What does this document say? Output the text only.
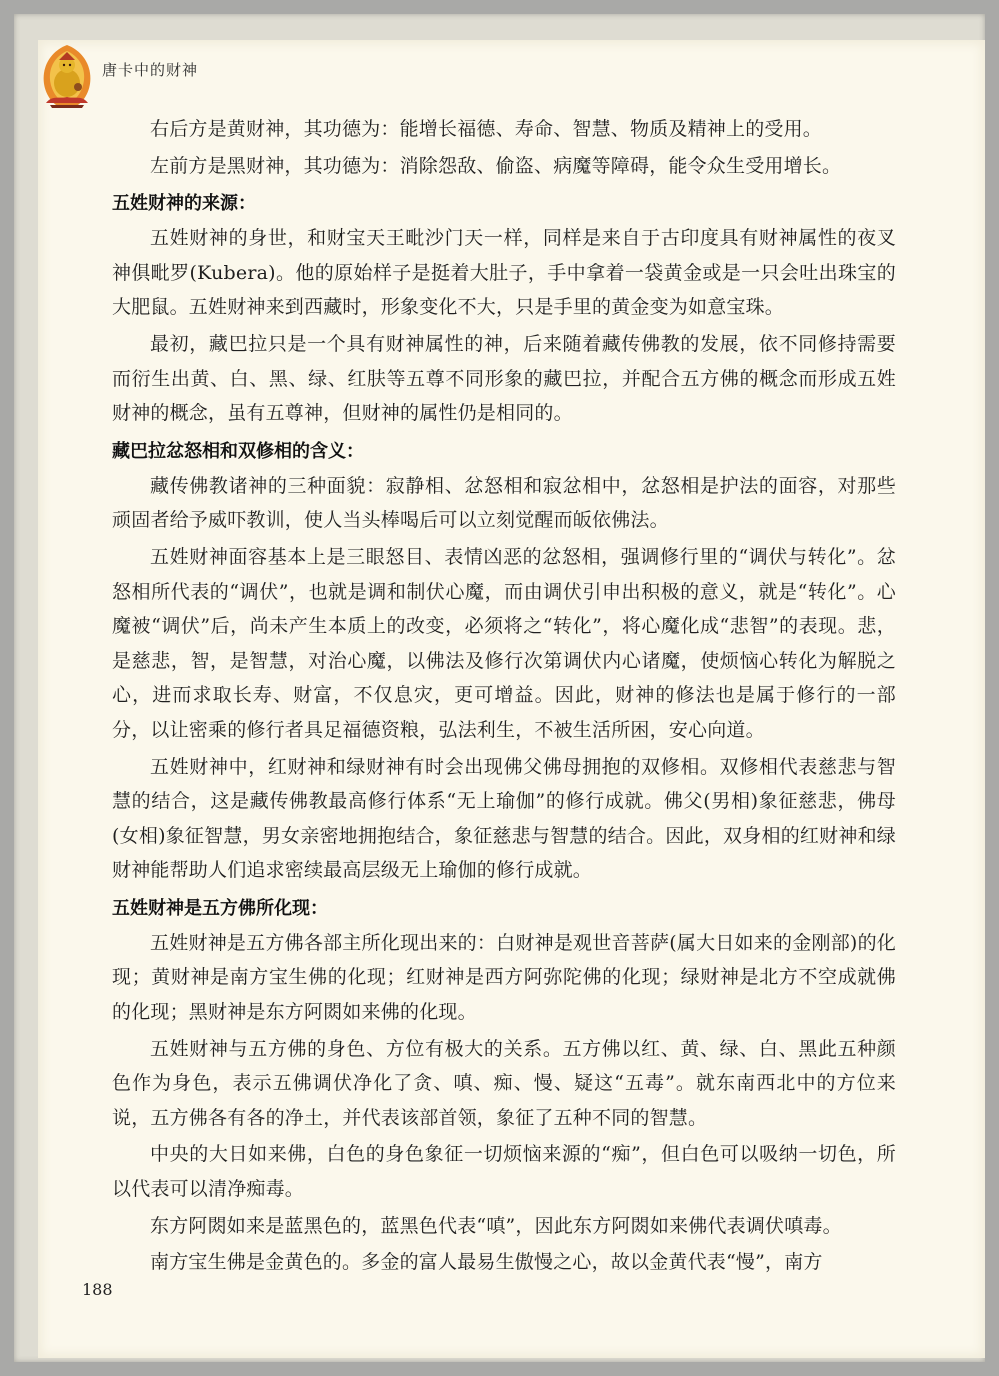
唐卡中的财神

右后方是黄财神，其功德为：能增长福德、寿命、智慧、物质及精神上的受用。

左前方是黑财神，其功德为：消除怨敌、偷盗、病魔等障碍，能令众生受用增长。

五姓财神的来源：

五姓财神的身世，和财宝天王毗沙门天一样，同样是来自于古印度具有财神属性的夜叉神俱毗罗(Kubera)。他的原始样子是挺着大肚子，手中拿着一袋黄金或是一只会吐出珠宝的大肥鼠。五姓财神来到西藏时，形象变化不大，只是手里的黄金变为如意宝珠。

最初，藏巴拉只是一个具有财神属性的神，后来随着藏传佛教的发展，依不同修持需要而衍生出黄、白、黑、绿、红肤等五尊不同形象的藏巴拉，并配合五方佛的概念而形成五姓财神的概念，虽有五尊神，但财神的属性仍是相同的。

藏巴拉忿怒相和双修相的含义：

藏传佛教诸神的三种面貌：寂静相、忿怒相和寂忿相中，忿怒相是护法的面容，对那些顽固者给予威吓教训，使人当头棒喝后可以立刻觉醒而皈依佛法。

五姓财神面容基本上是三眼怒目、表情凶恶的忿怒相，强调修行里的“调伏与转化”。忿怒相所代表的“调伏”，也就是调和制伏心魔，而由调伏引申出积极的意义，就是“转化”。心魔被“调伏”后，尚未产生本质上的改变，必须将之“转化”，将心魔化成“悲智”的表现。悲，是慈悲，智，是智慧，对治心魔，以佛法及修行次第调伏内心诸魔，使烦恼心转化为解脱之心，进而求取长寿、财富，不仅息灾，更可增益。因此，财神的修法也是属于修行的一部分，以让密乘的修行者具足福德资粮，弘法利生，不被生活所困，安心向道。

五姓财神中，红财神和绿财神有时会出现佛父佛母拥抱的双修相。双修相代表慈悲与智慧的结合，这是藏传佛教最高修行体系“无上瑜伽”的修行成就。佛父(男相)象征慈悲，佛母(女相)象征智慧，男女亲密地拥抱结合，象征慈悲与智慧的结合。因此，双身相的红财神和绿财神能帮助人们追求密续最高层级无上瑜伽的修行成就。

五姓财神是五方佛所化现：

五姓财神是五方佛各部主所化现出来的：白财神是观世音菩萨(属大日如来的金刚部)的化现；黄财神是南方宝生佛的化现；红财神是西方阿弥陀佛的化现；绿财神是北方不空成就佛的化现；黑财神是东方阿閦如来佛的化现。

五姓财神与五方佛的身色、方位有极大的关系。五方佛以红、黄、绿、白、黑此五种颜色作为身色，表示五佛调伏净化了贪、嗔、痴、慢、疑这“五毒”。就东南西北中的方位来说，五方佛各有各的净土，并代表该部首领，象征了五种不同的智慧。

中央的大日如来佛，白色的身色象征一切烦恼来源的“痴”，但白色可以吸纳一切色，所以代表可以清净痴毒。

东方阿閦如来是蓝黑色的，蓝黑色代表“嗔”，因此东方阿閦如来佛代表调伏嗔毒。

南方宝生佛是金黄色的。多金的富人最易生傲慢之心，故以金黄代表“慢”，南方

188
